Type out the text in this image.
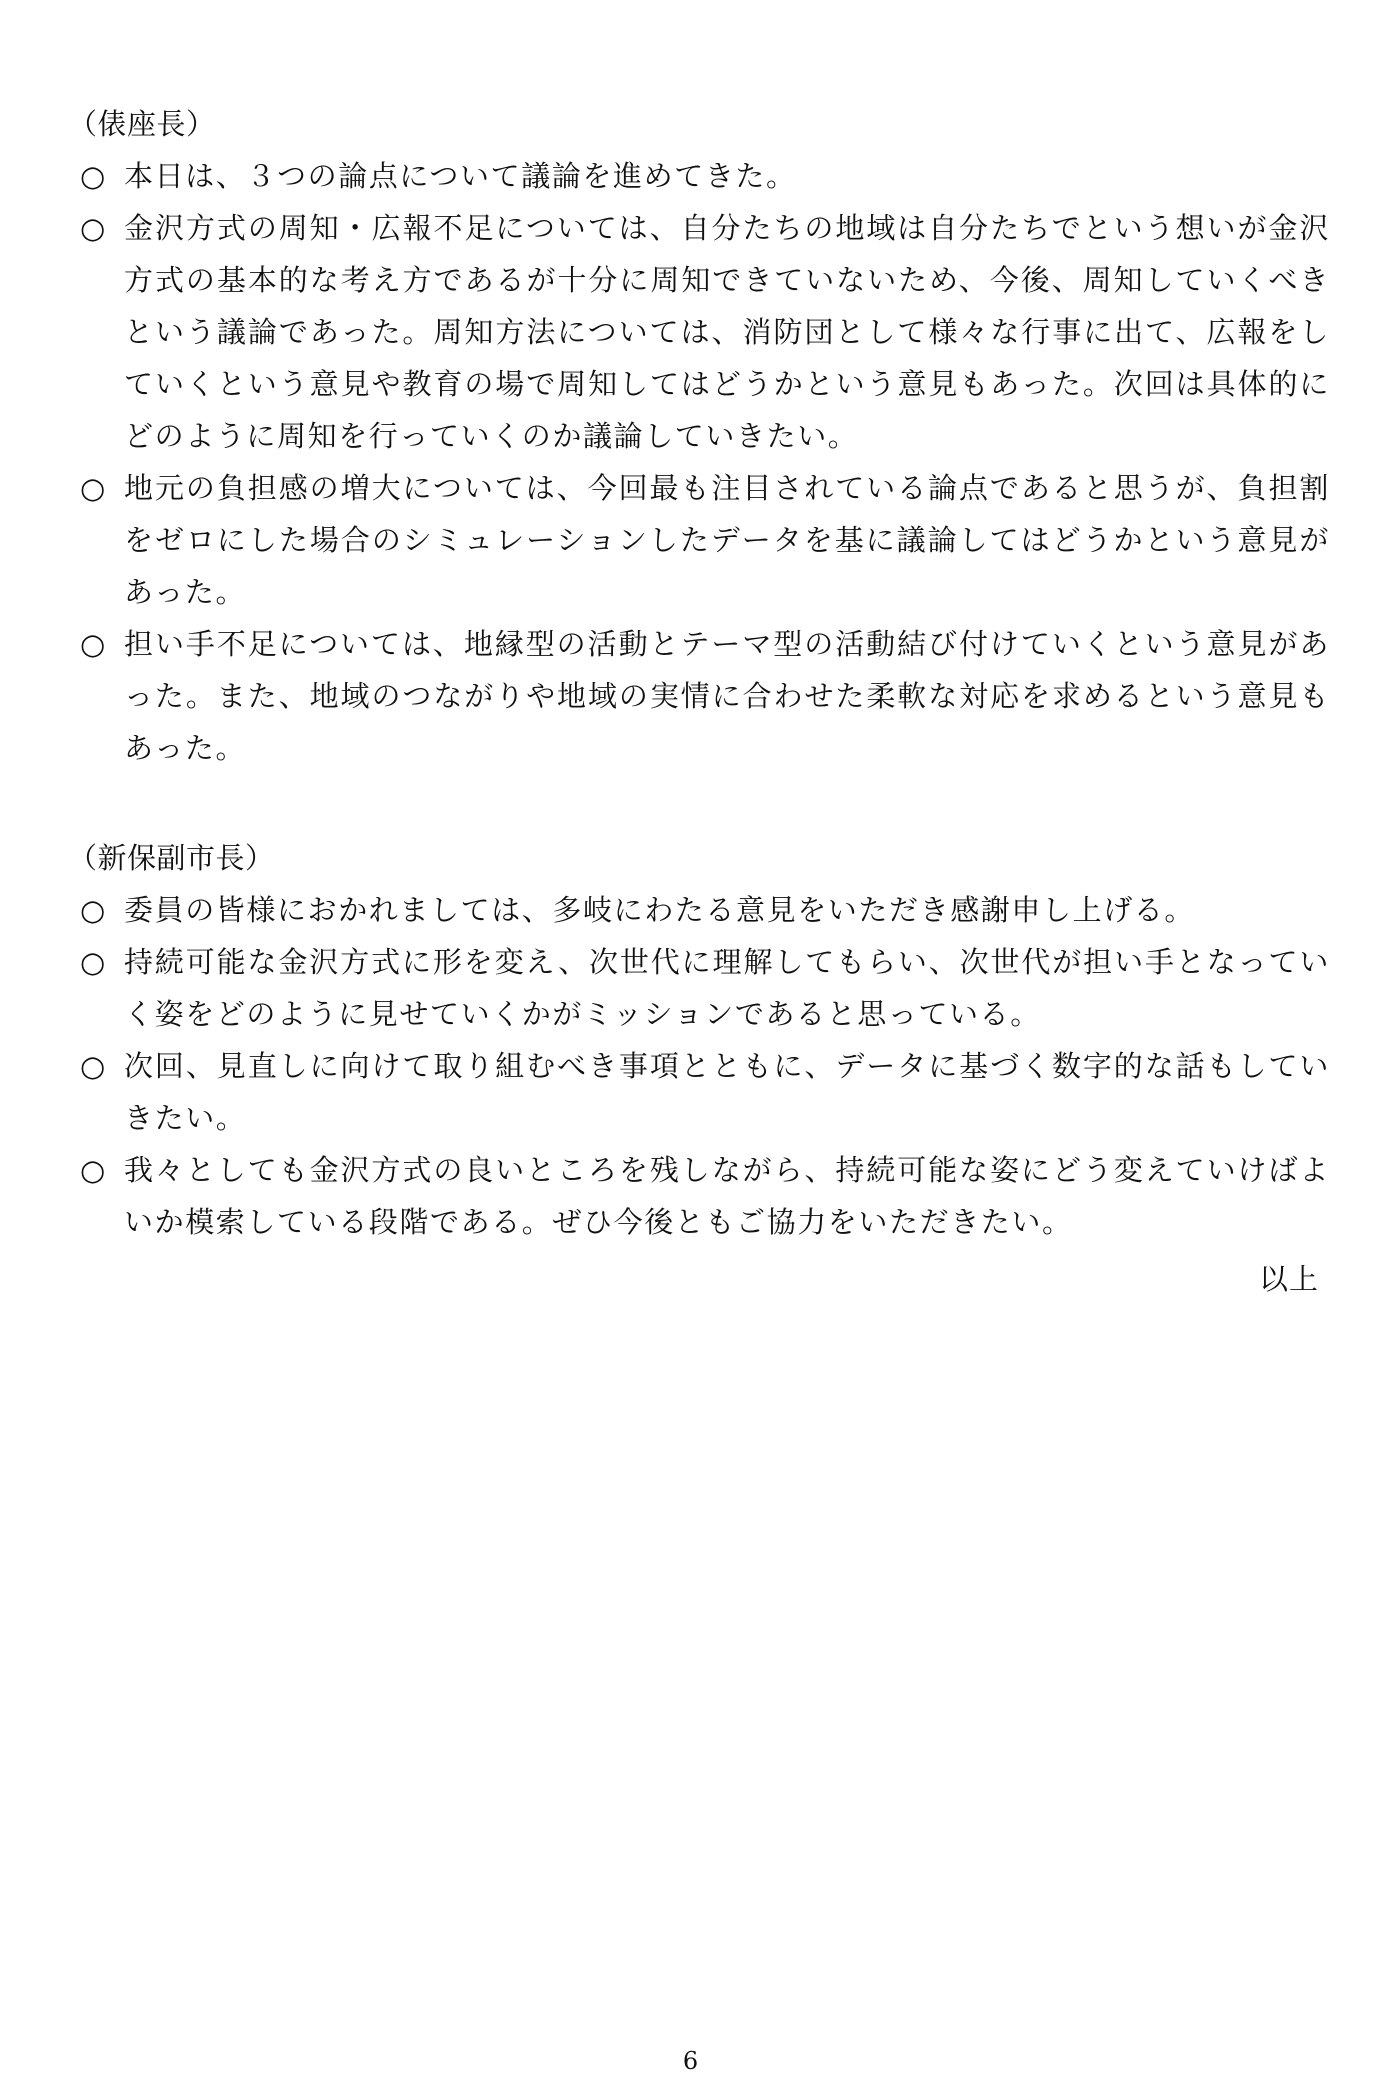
（俵座長）

○ 本日は、３つの論点について議論を進めてきた。

○ 金沢方式の周知・広報不足については、自分たちの地域は自分たちでという想いが金沢方式の基本的な考え方であるが十分に周知できていないため、今後、周知していくべきという議論であった。周知方法については、消防団として様々な行事に出て、広報をしていくという意見や教育の場で周知してはどうかという意見もあった。次回は具体的にどのように周知を行っていくのか議論していきたい。

○ 地元の負担感の増大については、今回最も注目されている論点であると思うが、負担割をゼロにした場合のシミュレーションしたデータを基に議論してはどうかという意見があった。

○ 担い手不足については、地縁型の活動とテーマ型の活動結び付けていくという意見があった。また、地域のつながりや地域の実情に合わせた柔軟な対応を求めるという意見もあった。

（新保副市長）

○ 委員の皆様におかれましては、多岐にわたる意見をいただき感謝申し上げる。

○ 持続可能な金沢方式に形を変え、次世代に理解してもらい、次世代が担い手となっていく姿をどのように見せていくかがミッションであると思っている。

○ 次回、見直しに向けて取り組むべき事項とともに、データに基づく数字的な話もしていきたい。

○ 我々としても金沢方式の良いところを残しながら、持続可能な姿にどう変えていけばよいか模索している段階である。ぜひ今後ともご協力をいただきたい。

以上
6
